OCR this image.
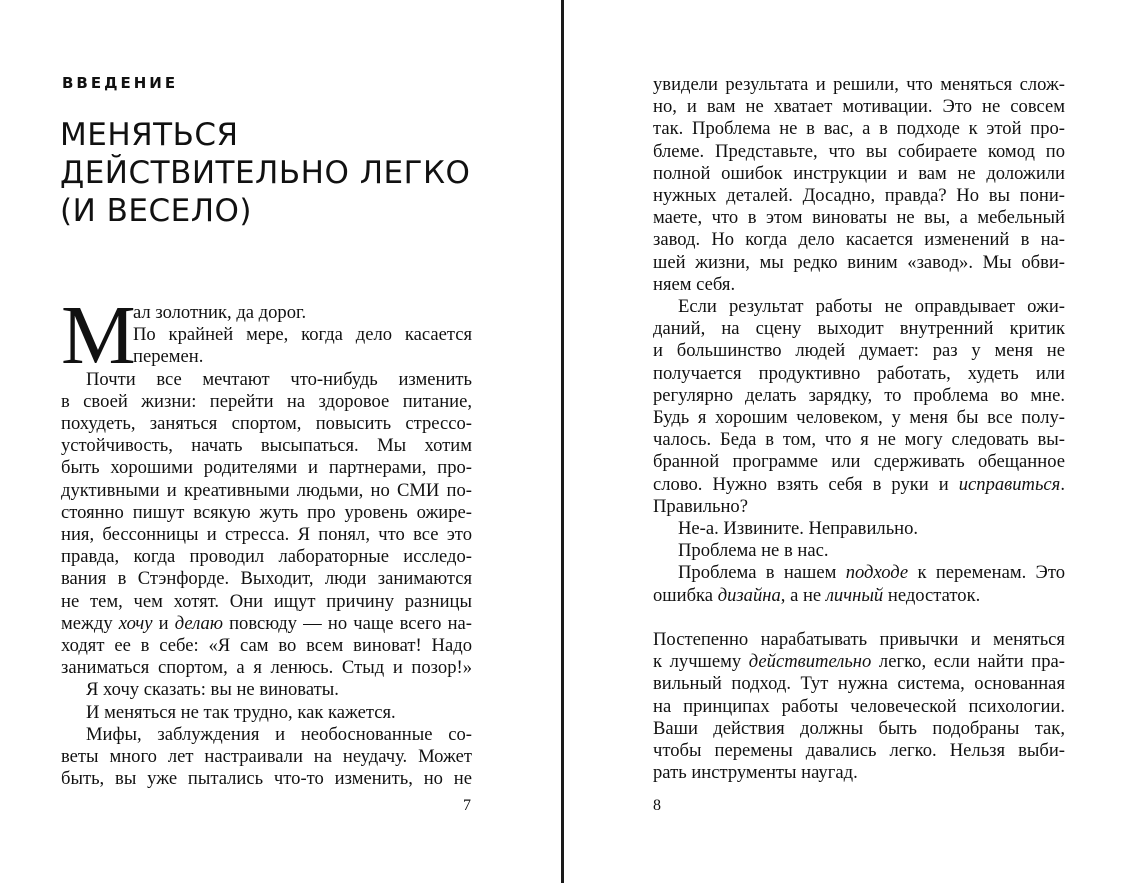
ВВЕДЕНИЕ
МЕНЯТЬСЯ
ДЕЙСТВИТЕЛЬНО ЛЕГКО
(И ВЕСЕЛО)
М
ал золотник, да дорог.
По крайней мере, когда дело касается
перемен.
Почти все мечтают что-нибудь изменить
в своей жизни: перейти на здоровое питание,
похудеть, заняться спортом, повысить стрессо-
устойчивость, начать высыпаться. Мы хотим
быть хорошими родителями и партнерами, про-
дуктивными и креативными людьми, но СМИ по-
стоянно пишут всякую жуть про уровень ожире-
ния, бессонницы и стресса. Я понял, что все это
правда, когда проводил лабораторные исследо-
вания в Стэнфорде. Выходит, люди занимаются
не тем, чем хотят. Они ищут причину разницы
между хочу и делаю повсюду — но чаще всего на-
ходят ее в себе: «Я сам во всем виноват! Надо
заниматься спортом, а я ленюсь. Стыд и позор!»
Я хочу сказать: вы не виноваты.
И меняться не так трудно, как кажется.
Мифы, заблуждения и необоснованные со-
веты много лет настраивали на неудачу. Может
быть, вы уже пытались что-то изменить, но не
7
увидели результата и решили, что меняться слож-
но, и вам не хватает мотивации. Это не совсем
так. Проблема не в вас, а в подходе к этой про-
блеме. Представьте, что вы собираете комод по
полной ошибок инструкции и вам не доложили
нужных деталей. Досадно, правда? Но вы пони-
маете, что в этом виноваты не вы, а мебельный
завод. Но когда дело касается изменений в на-
шей жизни, мы редко виним «завод». Мы обви-
няем себя.
Если результат работы не оправдывает ожи-
даний, на сцену выходит внутренний критик
и большинство людей думает: раз у меня не
получается продуктивно работать, худеть или
регулярно делать зарядку, то проблема во мне.
Будь я хорошим человеком, у меня бы все полу-
чалось. Беда в том, что я не могу следовать вы-
бранной программе или сдерживать обещанное
слово. Нужно взять себя в руки и исправиться.
Правильно?
Не-а. Извините. Неправильно.
Проблема не в нас.
Проблема в нашем подходе к переменам. Это
ошибка дизайна, а не личный недостаток.
Постепенно нарабатывать привычки и меняться
к лучшему действительно легко, если найти пра-
вильный подход. Тут нужна система, основанная
на принципах работы человеческой психологии.
Ваши действия должны быть подобраны так,
чтобы перемены давались легко. Нельзя выби-
рать инструменты наугад.
8
